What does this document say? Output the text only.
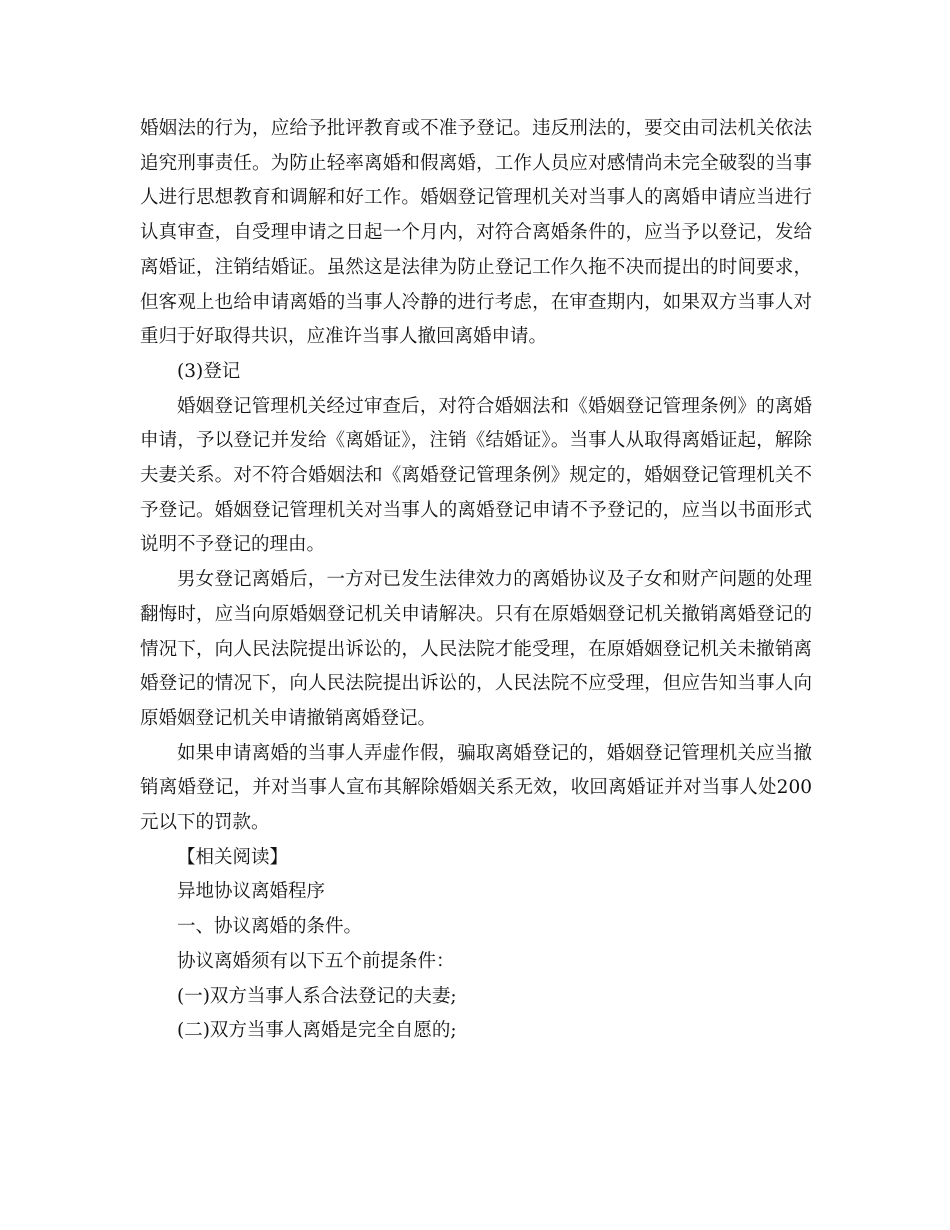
婚姻法的行为，应给予批评教育或不准予登记。违反刑法的，要交由司法机关依法追究刑事责任。为防止轻率离婚和假离婚，工作人员应对感情尚未完全破裂的当事人进行思想教育和调解和好工作。婚姻登记管理机关对当事人的离婚申请应当进行认真审查，自受理申请之日起一个月内，对符合离婚条件的，应当予以登记，发给离婚证，注销结婚证。虽然这是法律为防止登记工作久拖不决而提出的时间要求，但客观上也给申请离婚的当事人冷静的进行考虑，在审查期内，如果双方当事人对重归于好取得共识，应准许当事人撤回离婚申请。

(3)登记

婚姻登记管理机关经过审查后，对符合婚姻法和《婚姻登记管理条例》的离婚申请，予以登记并发给《离婚证》，注销《结婚证》。当事人从取得离婚证起，解除夫妻关系。对不符合婚姻法和《离婚登记管理条例》规定的，婚姻登记管理机关不予登记。婚姻登记管理机关对当事人的离婚登记申请不予登记的，应当以书面形式说明不予登记的理由。

男女登记离婚后，一方对已发生法律效力的离婚协议及子女和财产问题的处理翻悔时，应当向原婚姻登记机关申请解决。只有在原婚姻登记机关撤销离婚登记的情况下，向人民法院提出诉讼的，人民法院才能受理，在原婚姻登记机关未撤销离婚登记的情况下，向人民法院提出诉讼的，人民法院不应受理，但应告知当事人向原婚姻登记机关申请撤销离婚登记。

如果申请离婚的当事人弄虚作假，骗取离婚登记的，婚姻登记管理机关应当撤销离婚登记，并对当事人宣布其解除婚姻关系无效，收回离婚证并对当事人处200元以下的罚款。

【相关阅读】

异地协议离婚程序

一、协议离婚的条件。

协议离婚须有以下五个前提条件：

(一)双方当事人系合法登记的夫妻;

(二)双方当事人离婚是完全自愿的;
